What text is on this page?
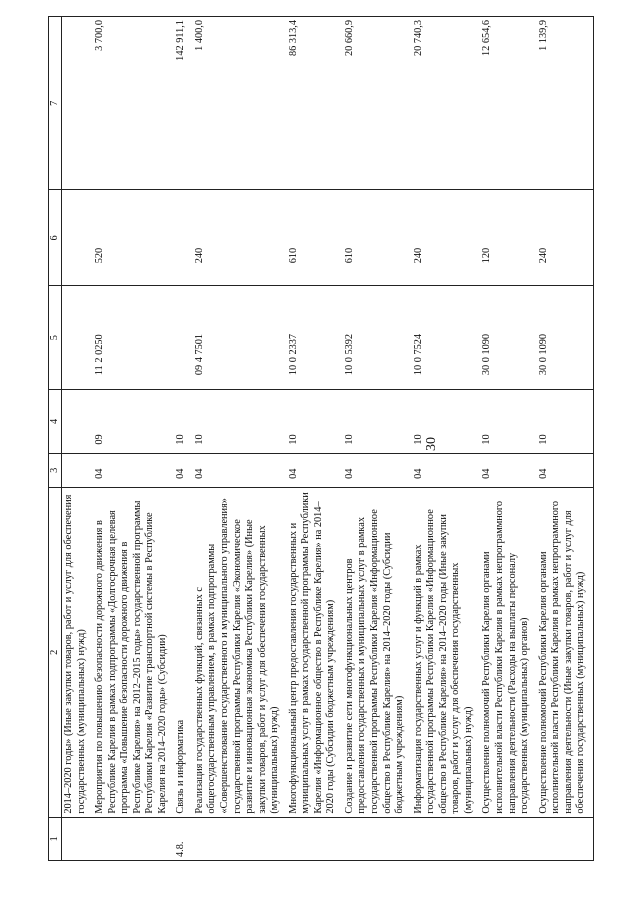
30
1	2	3	4	5	6	7
	2014–2020 годы» (Иные закупки товаров, работ и услуг для обеспечения государственных (муниципальных) нужд)					
	Мероприятия по повышению безопасности дорожного движения в Республике Карелия в рамках подпрограммы «Долгосрочная целевая программа «Повышение безопасности дорожного движения в Республике Карелия» на 2012–2015 годы» государственной программы Республики Карелия «Развитие транспортной системы в Республике Карелия на 2014–2020 годы» (Субсидии)	04	09	11 2 0250	520	3 700,0
4.8.	Связь и информатика	04	10			142 911,1
	Реализация государственных функций, связанных с общегосударственным управлением, в рамках подпрограммы «Совершенствование государственного и муниципального управления» государственной программы Республики Карелия «Экономическое развитие и инновационная экономика Республики Карелия» (Иные закупки товаров, работ и услуг для обеспечения государственных (муниципальных) нужд)	04	10	09 4 7501	240	1 400,0
	Многофункциональный центр предоставления государственных и муниципальных услуг в рамках государственной программы Республики Карелия «Информационное общество в Республике Карелия» на 2014–2020 годы (Субсидии бюджетным учреждениям)	04	10	10 0 2337	610	86 313,4
	Создание и развитие сети многофункциональных центров предоставления государственных и муниципальных услуг в рамках государственной программы Республики Карелия «Информационное общество в Республике Карелия» на 2014–2020 годы (Субсидии бюджетным учреждениям)	04	10	10 0 5392	610	20 660,9
	Информатизация государственных услуг и функций в рамках государственной программы Республики Карелия «Информационное общество в Республике Карелия» на 2014–2020 годы (Иные закупки товаров, работ и услуг для обеспечения государственных (муниципальных) нужд)	04	10	10 0 7524	240	20 740,3
	Осуществление полномочий Республики Карелия органами исполнительной власти Республики Карелия в рамках непрограммного направления деятельности (Расходы на выплаты персоналу государственных (муниципальных) органов)	04	10	30 0 1090	120	12 654,6
	Осуществление полномочий Республики Карелия органами исполнительной власти Республики Карелия в рамках непрограммного направления деятельности (Иные закупки товаров, работ и услуг для обеспечения государственных (муниципальных) нужд)	04	10	30 0 1090	240	1 139,9
